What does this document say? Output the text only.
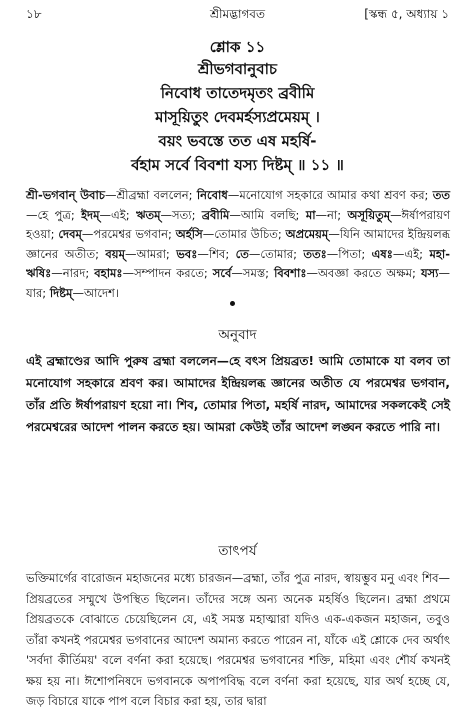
১৮	শ্রীমদ্ভাগবত	[স্কন্ধ ৫, অধ্যায় ১
শ্লোক ১১
শ্রীভগবানুবাচ
নিবোধ তাতেদমৃতং ব্রবীমি
মাসূয়িতুং দেবমর্হস্যপ্রমেয়ম্ ।
বয়ং ভবস্তে তত এষ মহর্ষি-
র্বহাম সর্বে বিবশা যস্য দিষ্টম্ ॥ ১১ ॥
শ্রী-ভগবান্ উবাচ—শ্রীব্রহ্মা বললেন; নিবোধ—মনোযোগ সহকারে আমার কথা শ্রবণ কর; তত—হে পুত্র; ইদম্—এই; ঋতম্—সত্য; ব্রবীমি—আমি বলছি; মা—না; অসূয়িতুম্—ঈর্ষাপরায়ণ হওয়া; দেবম্—পরমেশ্বর ভগবান; অর্হসি—তোমার উচিত; অপ্রমেয়ম্—যিনি আমাদের ইন্দ্রিয়লব্ধ জ্ঞানের অতীত; বয়ম্—আমরা; ভবঃ—শিব; তে—তোমার; ততঃ—পিতা; এষঃ—এই; মহা-ঋষিঃ—নারদ; বহামঃ—সম্পাদন করতে; সর্বে—সমস্ত; বিবশাঃ—অবজ্ঞা করতে অক্ষম; যস্য—যার; দিষ্টম্—আদেশ।
অনুবাদ
এই ব্রহ্মাণ্ডের আদি পুরুষ ব্রহ্মা বললেন—হে বৎস প্রিয়ব্রত! আমি তোমাকে যা বলব তা মনোযোগ সহকারে শ্রবণ কর। আমাদের ইন্দ্রিয়লব্ধ জ্ঞানের অতীত যে পরমেশ্বর ভগবান, তাঁর প্রতি ঈর্ষাপরায়ণ হয়ো না। শিব, তোমার পিতা, মহর্ষি নারদ, আমাদের সকলকেই সেই পরমেশ্বরের আদেশ পালন করতে হয়। আমরা কেউই তাঁর আদেশ লঙ্ঘন করতে পারি না।
তাৎপর্য
ভক্তিমার্গের বারোজন মহাজনের মধ্যে চারজন—ব্রহ্মা, তাঁর পুত্র নারদ, স্বায়ম্ভুব মনু এবং শিব—প্রিয়ব্রতের সম্মুখে উপস্থিত ছিলেন। তাঁদের সঙ্গে অন্য অনেক মহর্ষিও ছিলেন। ব্রহ্মা প্রথমে প্রিয়ব্রতকে বোঝাতে চেয়েছিলেন যে, এই সমস্ত মহাত্মারা যদিও এক-একজন মহাজন, তবুও তাঁরা কখনই পরমেশ্বর ভগবানের আদেশ অমান্য করতে পারেন না, যাঁকে এই শ্লোকে দেব অর্থাৎ 'সর্বদা কীর্তিময়' বলে বর্ণনা করা হয়েছে। পরমেশ্বর ভগবানের শক্তি, মহিমা এবং শৌর্য কখনই ক্ষয় হয় না। ঈশোপনিষদে ভগবানকে অপাপবিদ্ধ বলে বর্ণনা করা হয়েছে, যার অর্থ হচ্ছে যে, জড় বিচারে যাকে পাপ বলে বিচার করা হয়, তার দ্বারা
